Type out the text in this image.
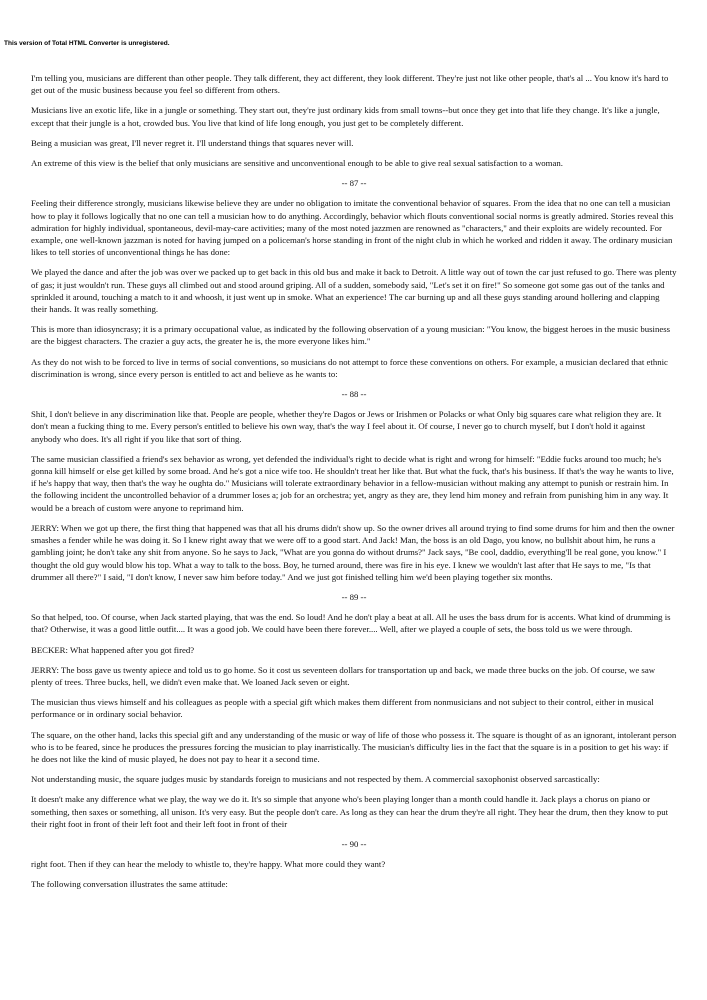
This version of Total HTML Converter is unregistered.

I'm telling you, musicians are different than other people. They talk different, they act different, they look different. They're just not like other people, that's al ... You know it's hard to get out of the music business because you feel so different from others.

Musicians live an exotic life, like in a jungle or something. They start out, they're just ordinary kids from small towns--but once they get into that life they change. It's like a jungle, except that their jungle is a hot, crowded bus. You live that kind of life long enough, you just get to be completely different.

Being a musician was great, I'll never regret it. I'll understand things that squares never will.

An extreme of this view is the belief that only musicians are sensitive and unconventional enough to be able to give real sexual satisfaction to a woman.

-- 87 --

Feeling their difference strongly, musicians likewise believe they are under no obligation to imitate the conventional behavior of squares. From the idea that no one can tell a musician how to play it follows logically that no one can tell a musician how to do anything. Accordingly, behavior which flouts conventional social norms is greatly admired. Stories reveal this admiration for highly individual, spontaneous, devil-may-care activities; many of the most noted jazzmen are renowned as "characters," and their exploits are widely recounted. For example, one well-known jazzman is noted for having jumped on a policeman's horse standing in front of the night club in which he worked and ridden it away. The ordinary musician likes to tell stories of unconventional things he has done:

We played the dance and after the job was over we packed up to get back in this old bus and make it back to Detroit. A little way out of town the car just refused to go. There was plenty of gas; it just wouldn't run. These guys all climbed out and stood around griping. All of a sudden, somebody said, "Let's set it on fire!" So someone got some gas out of the tanks and sprinkled it around, touching a match to it and whoosh, it just went up in smoke. What an experience! The car burning up and all these guys standing around hollering and clapping their hands. It was really something.

This is more than idiosyncrasy; it is a primary occupational value, as indicated by the following observation of a young musician: "You know, the biggest heroes in the music business are the biggest characters. The crazier a guy acts, the greater he is, the more everyone likes him."

As they do not wish to be forced to live in terms of social conventions, so musicians do not attempt to force these conventions on others. For example, a musician declared that ethnic discrimination is wrong, since every person is entitled to act and believe as he wants to:

-- 88 --

Shit, I don't believe in any discrimination like that. People are people, whether they're Dagos or Jews or Irishmen or Polacks or what Only big squares care what religion they are. It don't mean a fucking thing to me. Every person's entitled to believe his own way, that's the way I feel about it. Of course, I never go to church myself, but I don't hold it against anybody who does. It's all right if you like that sort of thing.

The same musician classified a friend's sex behavior as wrong, yet defended the individual's right to decide what is right and wrong for himself: "Eddie fucks around too much; he's gonna kill himself or else get killed by some broad. And he's got a nice wife too. He shouldn't treat her like that. But what the fuck, that's his business. If that's the way he wants to live, if he's happy that way, then that's the way he oughta do." Musicians will tolerate extraordinary behavior in a fellow-musician without making any attempt to punish or restrain him. In the following incident the uncontrolled behavior of a drummer loses a; job for an orchestra; yet, angry as they are, they lend him money and refrain from punishing him in any way. It would be a breach of custom were anyone to reprimand him.

JERRY: When we got up there, the first thing that happened was that all his drums didn't show up. So the owner drives all around trying to find some drums for him and then the owner smashes a fender while he was doing it. So I knew right away that we were off to a good start. And Jack! Man, the boss is an old Dago, you know, no bullshit about him, he runs a gambling joint; he don't take any shit from anyone. So he says to Jack, "What are you gonna do without drums?" Jack says, "Be cool, daddio, everything'll be real gone, you know." I thought the old guy would blow his top. What a way to talk to the boss. Boy, he turned around, there was fire in his eye. I knew we wouldn't last after that He says to me, "Is that drummer all there?" I said, "I don't know, I never saw him before today." And we just got finished telling him we'd been playing together six months.

-- 89 --

So that helped, too. Of course, when Jack started playing, that was the end. So loud! And he don't play a beat at all. All he uses the bass drum for is accents. What kind of drumming is that? Otherwise, it was a good little outfit.... It was a good job. We could have been there forever.... Well, after we played a couple of sets, the boss told us we were through.

BECKER: What happened after you got fired?

JERRY: The boss gave us twenty apiece and told us to go home. So it cost us seventeen dollars for transportation up and back, we made three bucks on the job. Of course, we saw plenty of trees. Three bucks, hell, we didn't even make that. We loaned Jack seven or eight.

The musician thus views himself and his colleagues as people with a special gift which makes them different from nonmusicians and not subject to their control, either in musical performance or in ordinary social behavior.

The square, on the other hand, lacks this special gift and any understanding of the music or way of life of those who possess it. The square is thought of as an ignorant, intolerant person who is to be feared, since he produces the pressures forcing the musician to play inarristically. The musician's difficulty lies in the fact that the square is in a position to get his way: if he does not like the kind of music played, he does not pay to hear it a second time.

Not understanding music, the square judges music by standards foreign to musicians and not respected by them. A commercial saxophonist observed sarcastically:

It doesn't make any difference what we play, the way we do it. It's so simple that anyone who's been playing longer than a month could handle it. Jack plays a chorus on piano or something, then saxes or something, all unison. It's very easy. But the people don't care. As long as they can hear the drum they're all right. They hear the drum, then they know to put their right foot in front of their left foot and their left foot in front of their

-- 90 --

right foot. Then if they can hear the melody to whistle to, they're happy. What more could they want?

The following conversation illustrates the same attitude:
